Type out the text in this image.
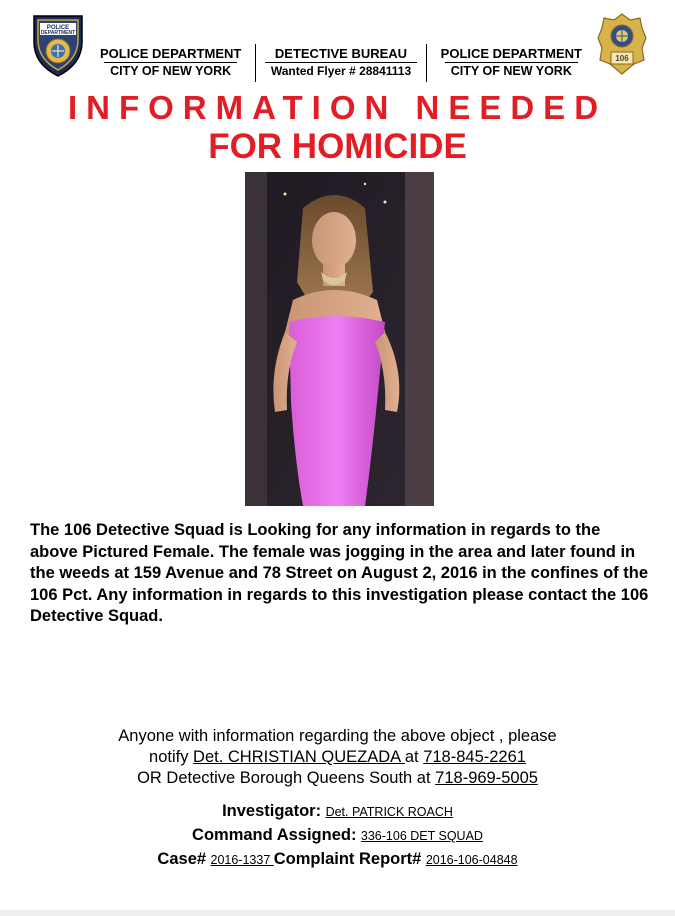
POLICE
DEPARTMENT
POLICE DEPARTMENT
CITY OF NEW YORK
DETECTIVE BUREAU
Wanted Flyer # 28841113
POLICE DEPARTMENT
CITY OF NEW YORK
106
INFORMATION NEEDED
FOR HOMICIDE
The 106 Detective Squad is Looking for any information in regards to the above Pictured Female. The female was jogging in the area and later found in the weeds at 159 Avenue and 78 Street on August 2, 2016 in the confines of the 106 Pct. Any information in regards to this investigation please contact the 106 Detective Squad.
Anyone with information regarding the above object , please
notify Det. CHRISTIAN QUEZADA at 718-845-2261
OR Detective Borough Queens South at 718-969-5005
Investigator: Det. PATRICK ROACH
Command Assigned: 336-106 DET SQUAD
Case# 2016-1337 Complaint Report# 2016-106-04848
